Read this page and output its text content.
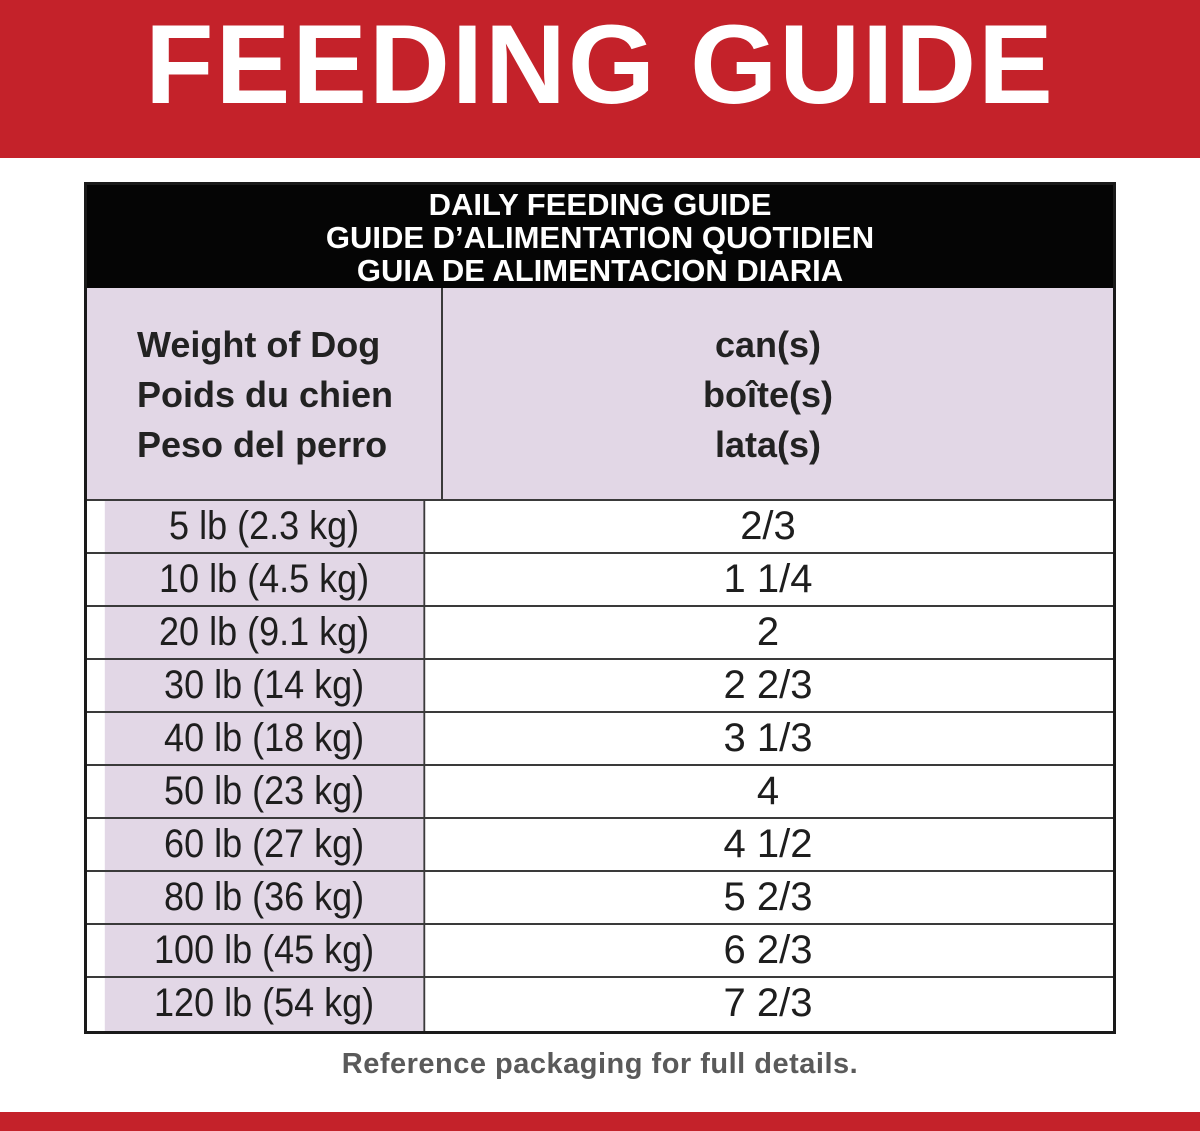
FEEDING GUIDE
DAILY FEEDING GUIDE
GUIDE D’ALIMENTATION QUOTIDIEN
GUIA DE ALIMENTACION DIARIA
Weight of Dog
Poids du chien
Peso del perro
can(s)
boîte(s)
lata(s)
5 lb (2.3 kg)	2/3
10 lb (4.5 kg)	1 1/4
20 lb (9.1 kg)	2
30 lb (14 kg)	2 2/3
40 lb (18 kg)	3 1/3
50 lb (23 kg)	4
60 lb (27 kg)	4 1/2
80 lb (36 kg)	5 2/3
100 lb (45 kg)	6 2/3
120 lb (54 kg)	7 2/3
Reference packaging for full details.
